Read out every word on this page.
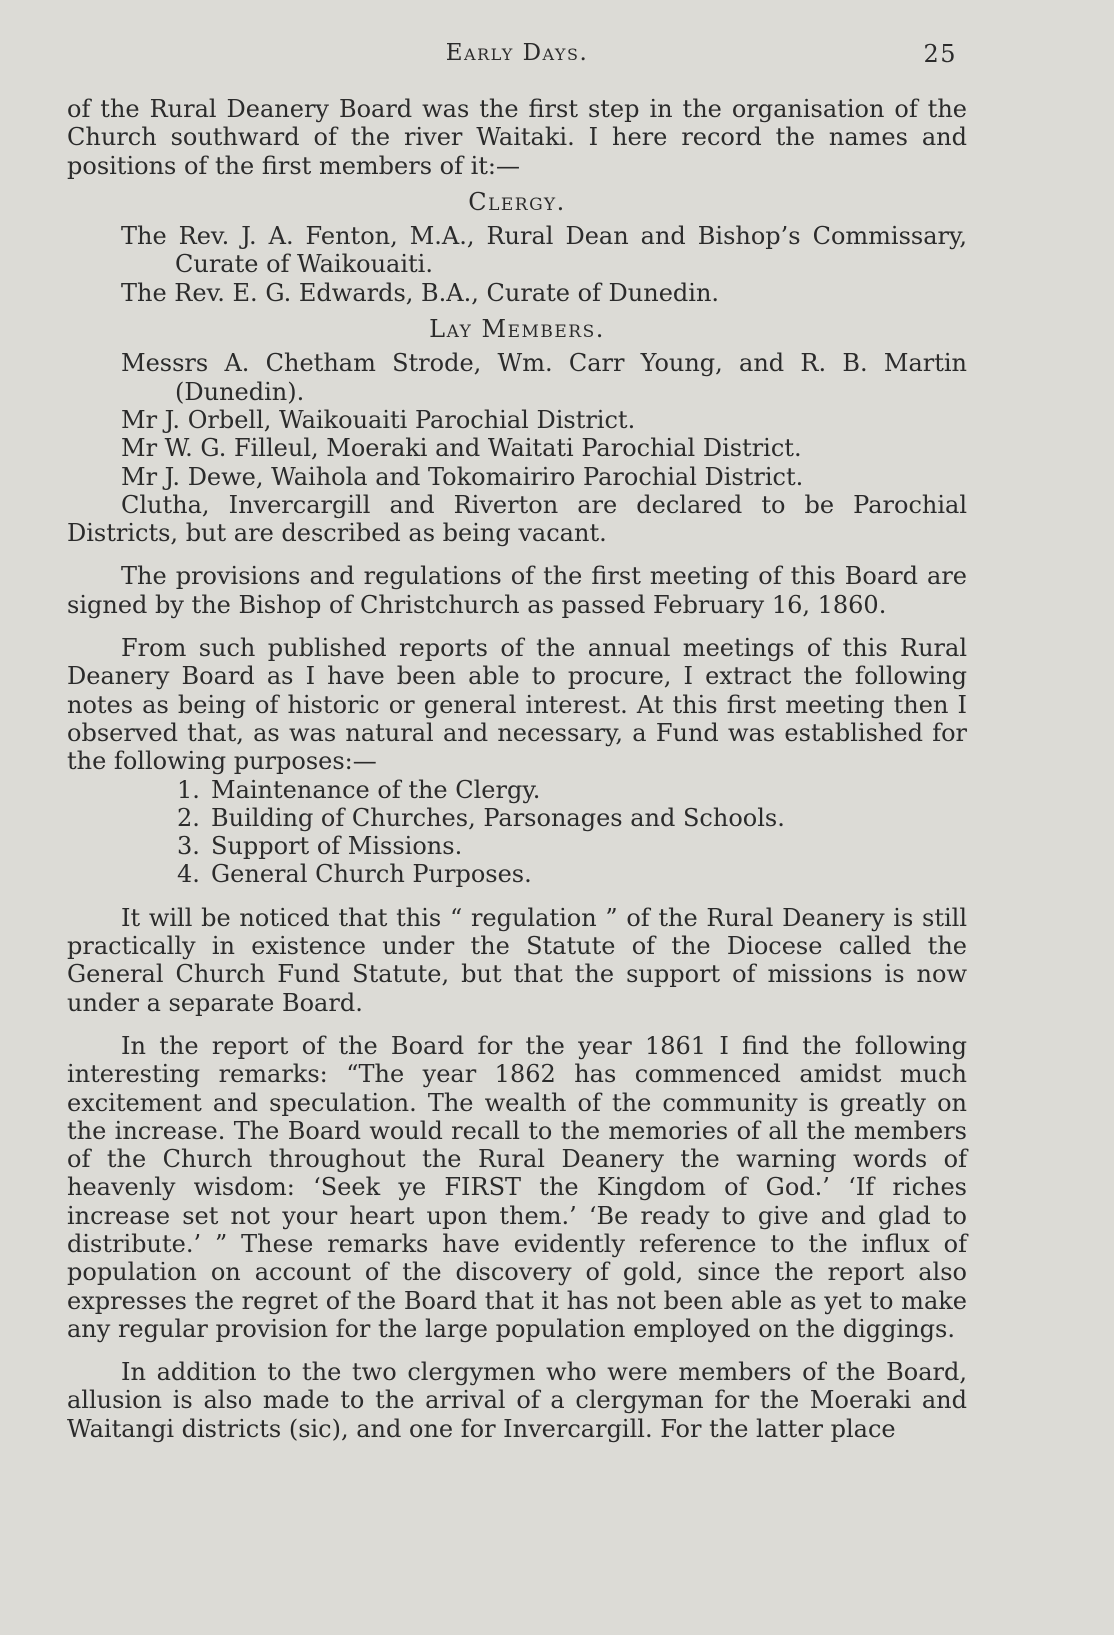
Early Days.	25

of the Rural Deanery Board was the first step in the organisation of the Church southward of the river Waitaki. I here record the names and positions of the first members of it:—

Clergy.

The Rev. J. A. Fenton, M.A., Rural Dean and Bishop’s Commissary, Curate of Waikouaiti.

The Rev. E. G. Edwards, B.A., Curate of Dunedin.

Lay Members.

Messrs A. Chetham Strode, Wm. Carr Young, and R. B. Martin (Dunedin).

Mr J. Orbell, Waikouaiti Parochial District.

Mr W. G. Filleul, Moeraki and Waitati Parochial District.

Mr J. Dewe, Waihola and Tokomairiro Parochial District.

Clutha, Invercargill and Riverton are declared to be Parochial Districts, but are described as being vacant.

The provisions and regulations of the first meeting of this Board are signed by the Bishop of Christchurch as passed February 16, 1860.

From such published reports of the annual meetings of this Rural Deanery Board as I have been able to procure, I extract the following notes as being of historic or general interest. At this first meeting then I observed that, as was natural and necessary, a Fund was established for the following purposes:—

1. Maintenance of the Clergy.
2. Building of Churches, Parsonages and Schools.
3. Support of Missions.
4. General Church Purposes.

It will be noticed that this “ regulation ” of the Rural Deanery is still practically in existence under the Statute of the Diocese called the General Church Fund Statute, but that the support of missions is now under a separate Board.

In the report of the Board for the year 1861 I find the following interesting remarks: “The year 1862 has commenced amidst much excitement and speculation. The wealth of the community is greatly on the increase. The Board would recall to the memories of all the members of the Church throughout the Rural Deanery the warning words of heavenly wisdom: ‘Seek ye FIRST the Kingdom of God.’ ‘If riches increase set not your heart upon them.’ ‘Be ready to give and glad to distribute.’ ” These remarks have evidently reference to the influx of population on account of the discovery of gold, since the report also expresses the regret of the Board that it has not been able as yet to make any regular provision for the large population employed on the diggings.

In addition to the two clergymen who were members of the Board, allusion is also made to the arrival of a clergyman for the Moeraki and Waitangi districts (sic), and one for Invercargill. For the latter place
